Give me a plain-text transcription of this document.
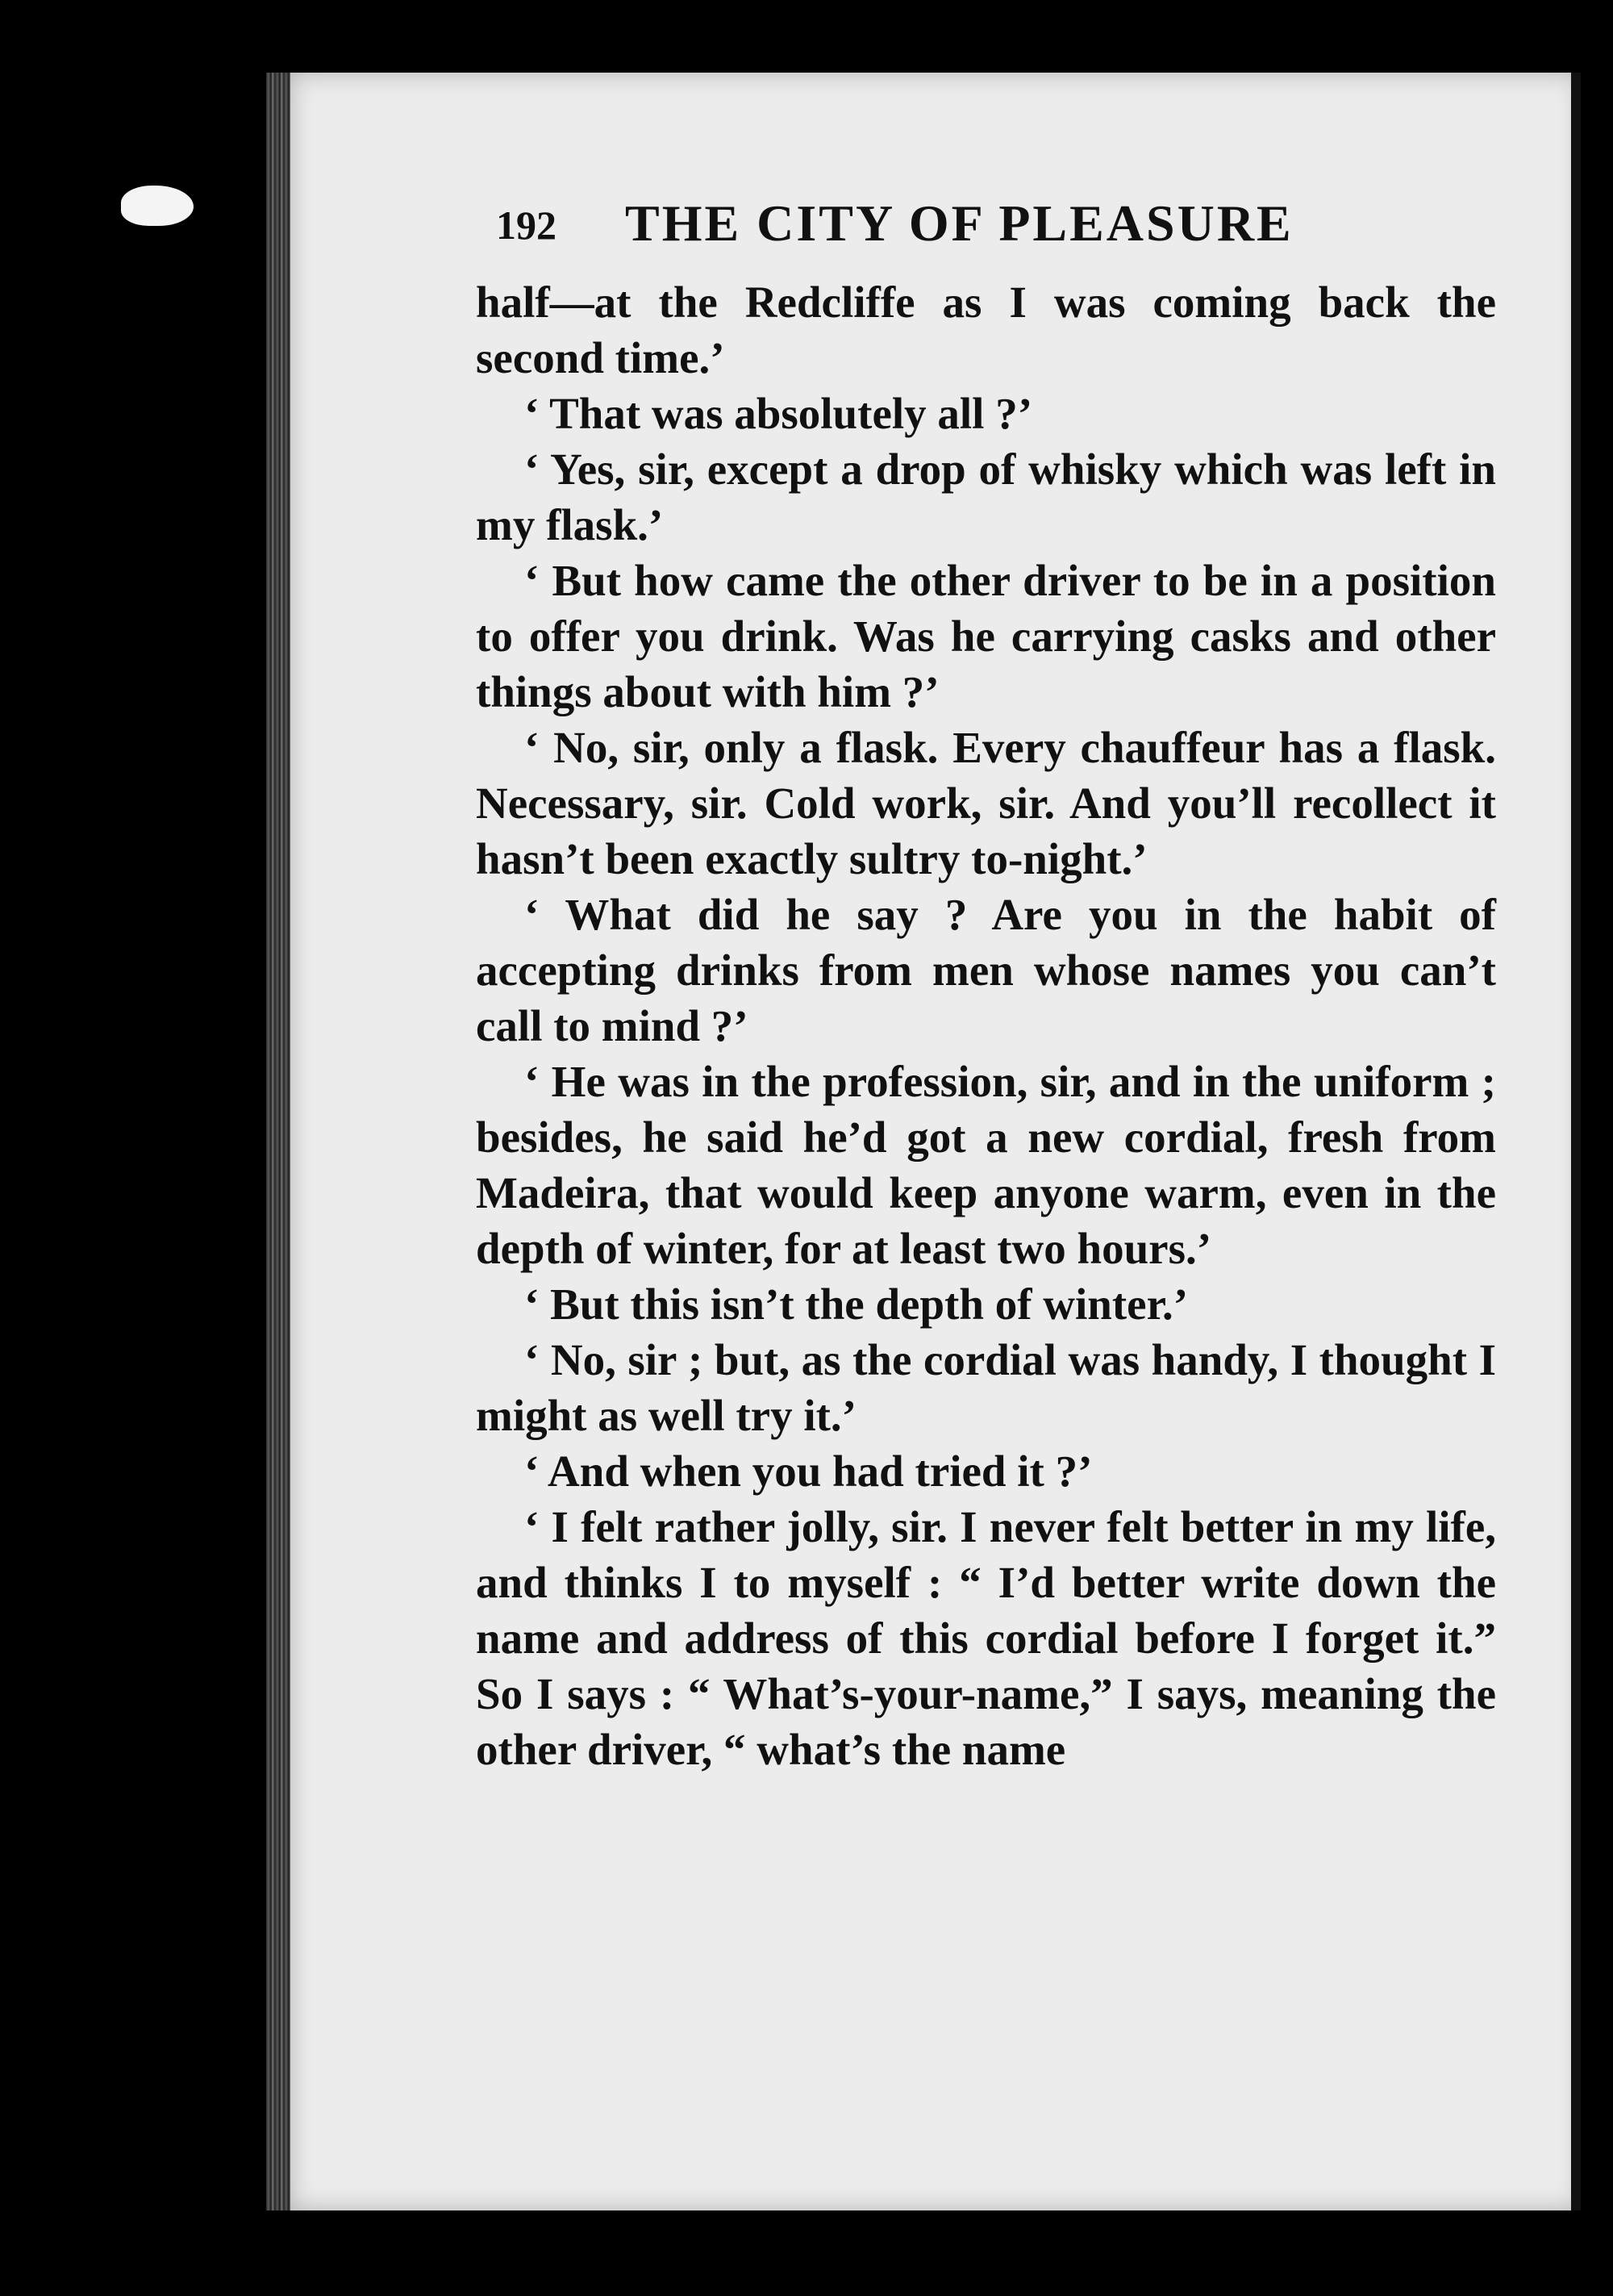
192 THE CITY OF PLEASURE

half—at the Redcliffe as I was coming back the second time.’

‘ That was absolutely all ?’

‘ Yes, sir, except a drop of whisky which was left in my flask.’

‘ But how came the other driver to be in a position to offer you drink. Was he carrying casks and other things about with him ?’

‘ No, sir, only a flask. Every chauffeur has a flask. Necessary, sir. Cold work, sir. And you’ll recollect it hasn’t been exactly sultry to-night.’

‘ What did he say ? Are you in the habit of accepting drinks from men whose names you can’t call to mind ?’

‘ He was in the profession, sir, and in the uniform ; besides, he said he’d got a new cordial, fresh from Madeira, that would keep anyone warm, even in the depth of winter, for at least two hours.’

‘ But this isn’t the depth of winter.’

‘ No, sir ; but, as the cordial was handy, I thought I might as well try it.’

‘ And when you had tried it ?’

‘ I felt rather jolly, sir. I never felt better in my life, and thinks I to myself : “ I’d better write down the name and address of this cordial before I forget it.” So I says : “ What’s-your-name,” I says, meaning the other driver, “ what’s the name
